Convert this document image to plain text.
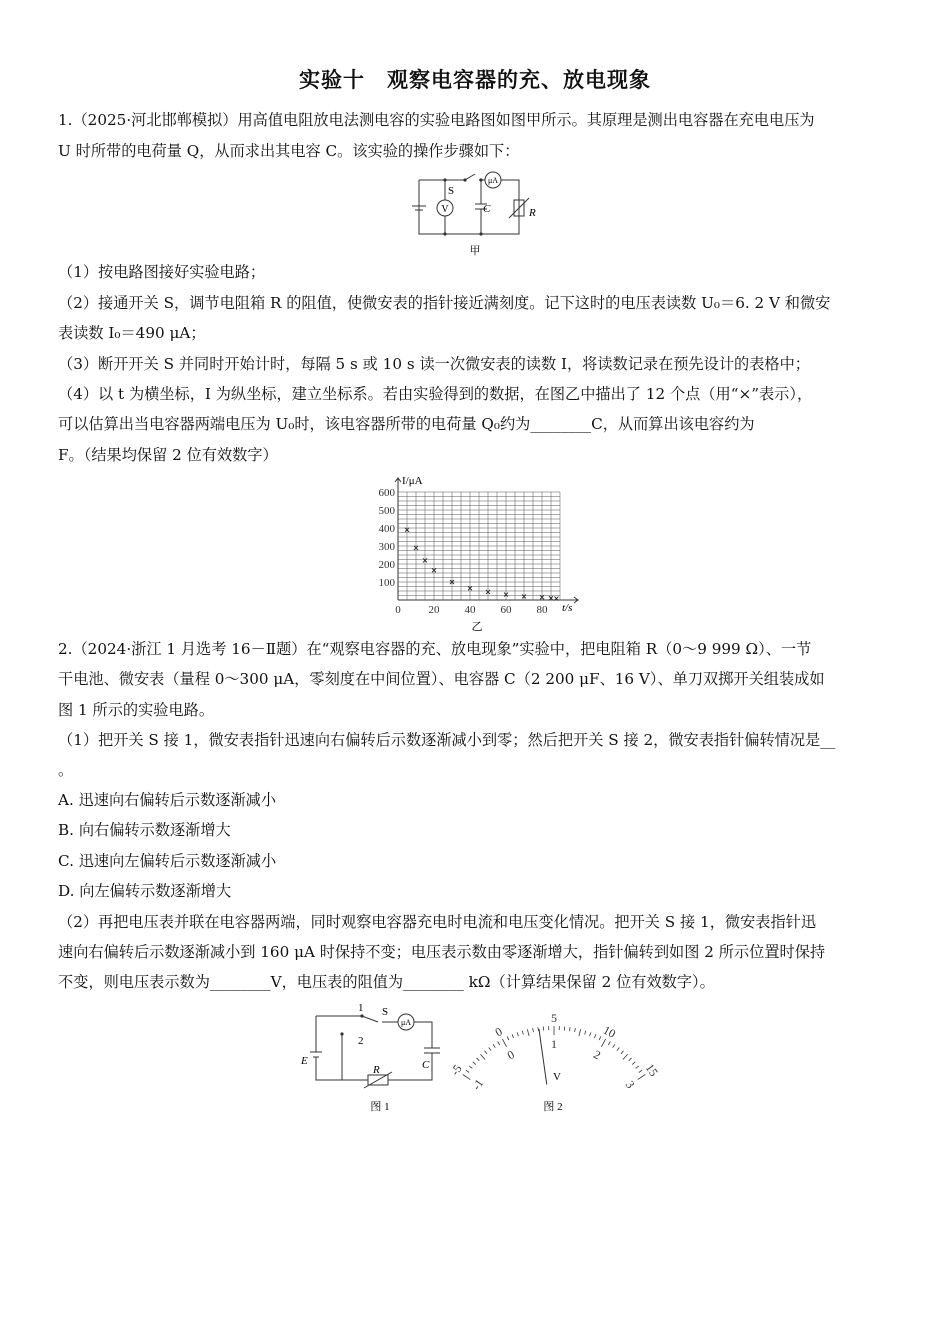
实验十　观察电容器的充、放电现象
1.（2025·河北邯郸模拟）用高值电阻放电法测电容的实验电路图如图甲所示。其原理是测出电容器在充电电压为
U 时所带的电荷量 Q，从而求出其电容 C。该实验的操作步骤如下：
V
μA
S
C	R
甲
（1）按电路图接好实验电路；
（2）接通开关 S，调节电阻箱 R 的阻值，使微安表的指针接近满刻度。记下这时的电压表读数 U₀＝6. 2 V 和微安
表读数 I₀＝490 μA；
（3）断开开关 S 并同时开始计时，每隔 5 s 或 10 s 读一次微安表的读数 I，将读数记录在预先设计的表格中；
（4）以 t 为横坐标，I 为纵坐标，建立坐标系。若由实验得到的数据，在图乙中描出了 12 个点（用“×”表示），
可以估算出当电容器两端电压为 U₀时，该电容器所带的电荷量 Q₀约为________C，从而算出该电容约为
F。（结果均保留 2 位有效数字）
100
200
300
400
500
600
0	20 40 60 80
I/μA
t/s
乙
2.（2024·浙江 1 月选考 16－Ⅱ题）在“观察电容器的充、放电现象”实验中，把电阻箱 R（0～9 999 Ω）、一节
干电池、微安表（量程 0～300 μA，零刻度在中间位置）、电容器 C（2 200 μF、16 V）、单刀双掷开关组装成如
图 1 所示的实验电路。
（1）把开关 S 接 1，微安表指针迅速向右偏转后示数逐渐减小到零；然后把开关 S 接 2，微安表指针偏转情况是__
。
A. 迅速向右偏转后示数逐渐减小
B. 向右偏转示数逐渐增大
C. 迅速向左偏转后示数逐渐减小
D. 向左偏转示数逐渐增大
（2）再把电压表并联在电容器两端，同时观察电容器充电时电流和电压变化情况。把开关 S 接 1，微安表指针迅
速向右偏转后示数逐渐减小到 160 μA 时保持不变；电压表示数由零逐渐增大，指针偏转到如图 2 所示位置时保持
不变，则电压表示数为________V，电压表的阻值为________ kΩ（计算结果保留 2 位有效数字）。
1
2
S
μA
E	C
R
图 1
-5
0
5
10
15
-1
0
1
2
3
V
图 2
